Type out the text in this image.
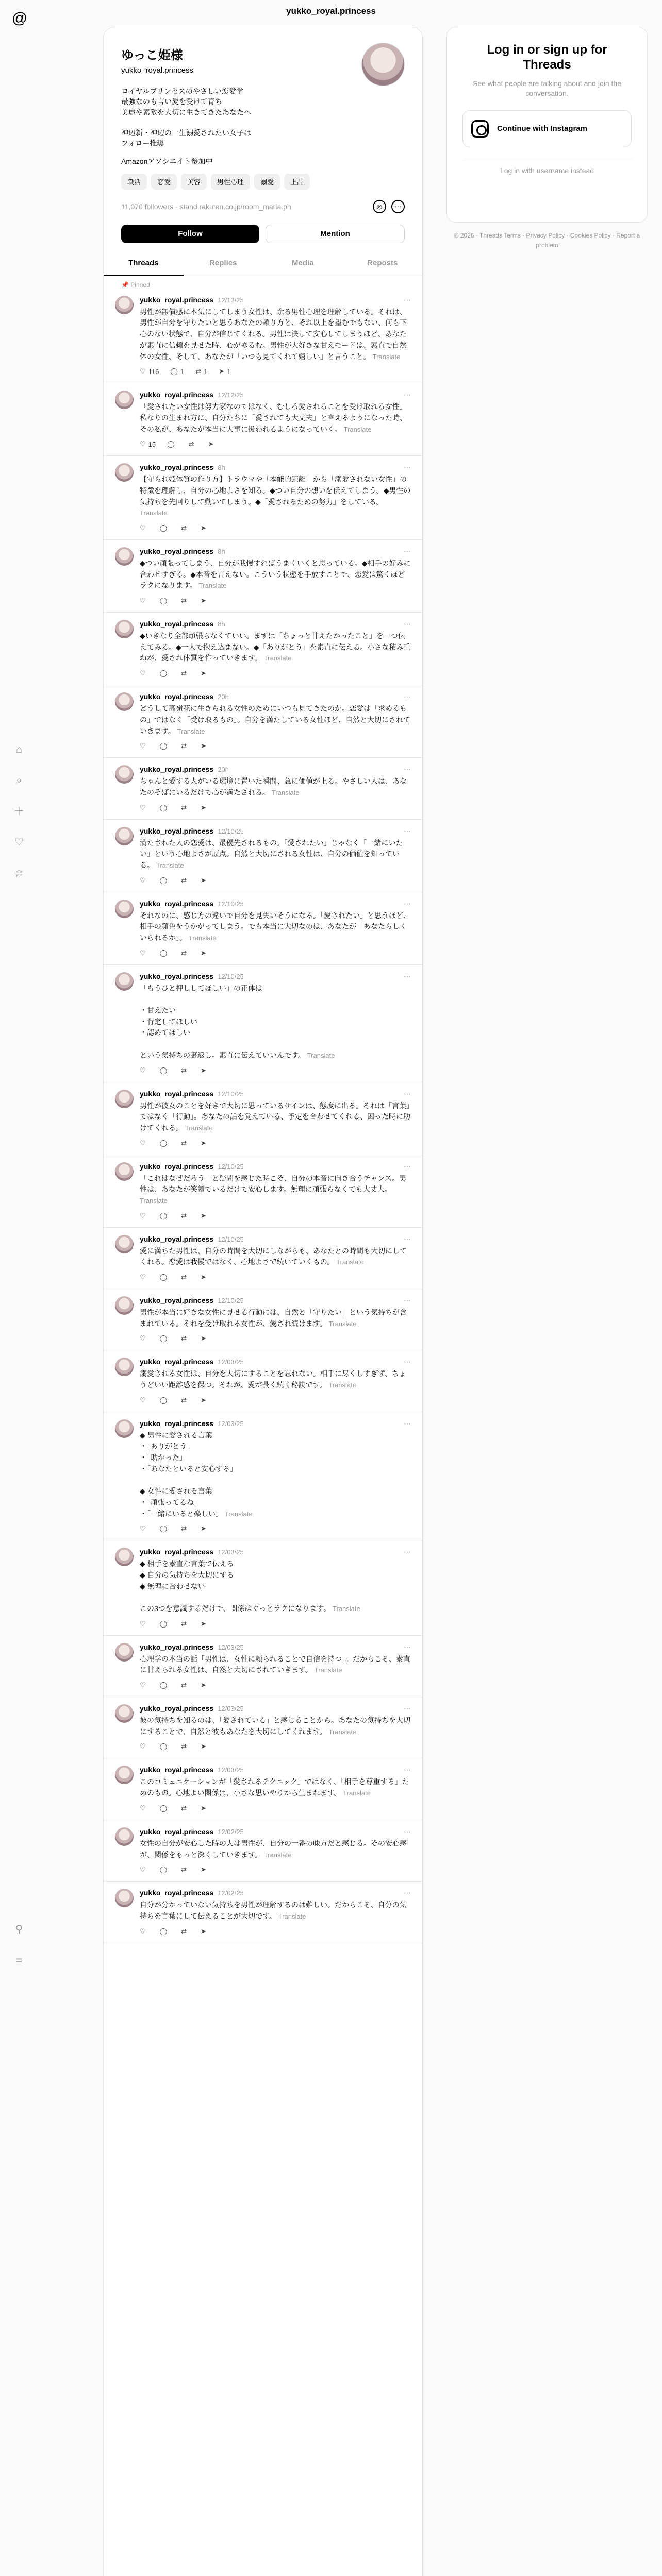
@
⌂
⌕
＋
♡
☺
⚲
≡
yukko_royal.princess
ゆっこ姫様
yukko_royal.princess
ロイヤルプリンセスのやさしい恋愛学
最強なのも言い愛を受けて育ち
美麗や素敵を大切に生きてきたあなたへ

神辺新・神辺の一生溺愛されたい女子は
フォロー推奨
Amazonアソシエイト参加中
職活	恋愛	美容	男性心理	溺愛	上品
11,070 followers · stand.rakuten.co.jp/room_maria.ph	◎	⋯
Follow	Mention
Threads	Replies	Media	Reposts
📌 Pinned
yukko_royal.princess 12/13/25	⋯
男性が無償感に本気にしてしまう女性は、余る男性心理を理解している。それは、男性が自分を守りたいと思うあなたの頼り方と、それ以上を望むでもない、何も下心のない状態で、自分が信じてくれる。男性は決して安心してしまうほど、あなたが素直に信頼を見せた時、心がゆるむ。男性が大好きな甘えモードは、素直で自然体の女性、そして、あなたが「いつも見てくれて嬉しい」と言うこと。 Translate
♡ 116 ◯ 1 ⇄ 1 ➤ 1
yukko_royal.princess 12/12/25	⋯
「愛されたい女性は努力家なのではなく、むしろ愛されることを受け取れる女性」私なりの生まれ方に、自分たちに「愛されても大丈夫」と言えるようになった時、その私が、あなたが本当に大事に扱われるようになっていく。 Translate
♡ 15 ◯ ⇄ ➤
yukko_royal.princess 8h	⋯
【守られ姫体質の作り方】トラウマや「本能的距離」から「溺愛されない女性」の特徴を理解し、自分の心地よさを知る。◆つい自分の想いを伝えてしまう。◆男性の気持ちを先回りして動いてしまう。◆「愛されるための努力」をしている。 Translate
♡ ◯ ⇄ ➤
yukko_royal.princess 8h	⋯
◆つい頑張ってしまう、自分が我慢すればうまくいくと思っている。◆相手の好みに合わせすぎる。◆本音を言えない。こういう状態を手放すことで、恋愛は驚くほどラクになります。 Translate
♡ ◯ ⇄ ➤
yukko_royal.princess 8h	⋯
◆いきなり全部頑張らなくていい。まずは「ちょっと甘えたかったこと」を一つ伝えてみる。◆一人で抱え込まない。◆「ありがとう」を素直に伝える。小さな積み重ねが、愛され体質を作っていきます。 Translate
♡ ◯ ⇄ ➤
yukko_royal.princess 20h	⋯
どうして高嶺花に生きられる女性のためにいつも見てきたのか。恋愛は「求めるもの」ではなく「受け取るもの」。自分を満たしている女性ほど、自然と大切にされていきます。 Translate
♡ ◯ ⇄ ➤
yukko_royal.princess 20h	⋯
ちゃんと愛する人がいる環境に置いた瞬間、急に価値が上る。やさしい人は、あなたのそばにいるだけで心が満たされる。 Translate
♡ ◯ ⇄ ➤
yukko_royal.princess 12/10/25	⋯
満たされた人の恋愛は、最優先されるもの。「愛されたい」じゃなく「一緒にいたい」という心地よさが原点。自然と大切にされる女性は、自分の価値を知っている。 Translate
♡ ◯ ⇄ ➤
yukko_royal.princess 12/10/25	⋯
それなのに、感じ方の違いで自分を見失いそうになる。「愛されたい」と思うほど、相手の顔色をうかがってしまう。でも本当に大切なのは、あなたが「あなたらしくいられるか」。 Translate
♡ ◯ ⇄ ➤
yukko_royal.princess 12/10/25	⋯
「もうひと押ししてほしい」の正体は

・甘えたい
・肯定してほしい
・認めてほしい

という気持ちの裏返し。素直に伝えていいんです。 Translate
♡ ◯ ⇄ ➤
yukko_royal.princess 12/10/25	⋯
男性が彼女のことを好きで大切に思っているサインは、態度に出る。それは「言葉」ではなく「行動」。あなたの話を覚えている、予定を合わせてくれる、困った時に助けてくれる。 Translate
♡ ◯ ⇄ ➤
yukko_royal.princess 12/10/25	⋯
「これはなぜだろう」と疑問を感じた時こそ、自分の本音に向き合うチャンス。男性は、あなたが笑顔でいるだけで安心します。無理に頑張らなくても大丈夫。 Translate
♡ ◯ ⇄ ➤
yukko_royal.princess 12/10/25	⋯
愛に満ちた男性は、自分の時間を大切にしながらも、あなたとの時間も大切にしてくれる。恋愛は我慢ではなく、心地よさで続いていくもの。 Translate
♡ ◯ ⇄ ➤
yukko_royal.princess 12/10/25	⋯
男性が本当に好きな女性に見せる行動には、自然と「守りたい」という気持ちが含まれている。それを受け取れる女性が、愛され続けます。 Translate
♡ ◯ ⇄ ➤
yukko_royal.princess 12/03/25	⋯
溺愛される女性は、自分を大切にすることを忘れない。相手に尽くしすぎず、ちょうどいい距離感を保つ。それが、愛が長く続く秘訣です。 Translate
♡ ◯ ⇄ ➤
yukko_royal.princess 12/03/25	⋯
◆ 男性に愛される言葉
・「ありがとう」
・「助かった」
・「あなたといると安心する」

◆ 女性に愛される言葉
・「頑張ってるね」
・「一緒にいると楽しい」 Translate
♡ ◯ ⇄ ➤
yukko_royal.princess 12/03/25	⋯
◆ 相手を素直な言葉で伝える
◆ 自分の気持ちを大切にする
◆ 無理に合わせない

この3つを意識するだけで、関係はぐっとラクになります。 Translate
♡ ◯ ⇄ ➤
yukko_royal.princess 12/03/25	⋯
心理学の本当の話「男性は、女性に頼られることで自信を持つ」。だからこそ、素直に甘えられる女性は、自然と大切にされていきます。 Translate
♡ ◯ ⇄ ➤
yukko_royal.princess 12/03/25	⋯
彼の気持ちを知るのは、「愛されている」と感じることから。あなたの気持ちを大切にすることで、自然と彼もあなたを大切にしてくれます。 Translate
♡ ◯ ⇄ ➤
yukko_royal.princess 12/03/25	⋯
このコミュニケーションが「愛されるテクニック」ではなく、「相手を尊重する」ためのもの。心地よい関係は、小さな思いやりから生まれます。 Translate
♡ ◯ ⇄ ➤
yukko_royal.princess 12/02/25	⋯
女性の自分が安心した時の人は男性が、自分の一番の味方だと感じる。その安心感が、関係をもっと深くしていきます。 Translate
♡ ◯ ⇄ ➤
yukko_royal.princess 12/02/25	⋯
自分が分かっていない気持ちを男性が理解するのは難しい。だからこそ、自分の気持ちを言葉にして伝えることが大切です。 Translate
♡ ◯ ⇄ ➤
Log in or sign up for Threads
See what people are talking about and join the conversation.
Continue with Instagram
Log in with username instead
© 2026 · Threads Terms · Privacy Policy · Cookies Policy · Report a problem
